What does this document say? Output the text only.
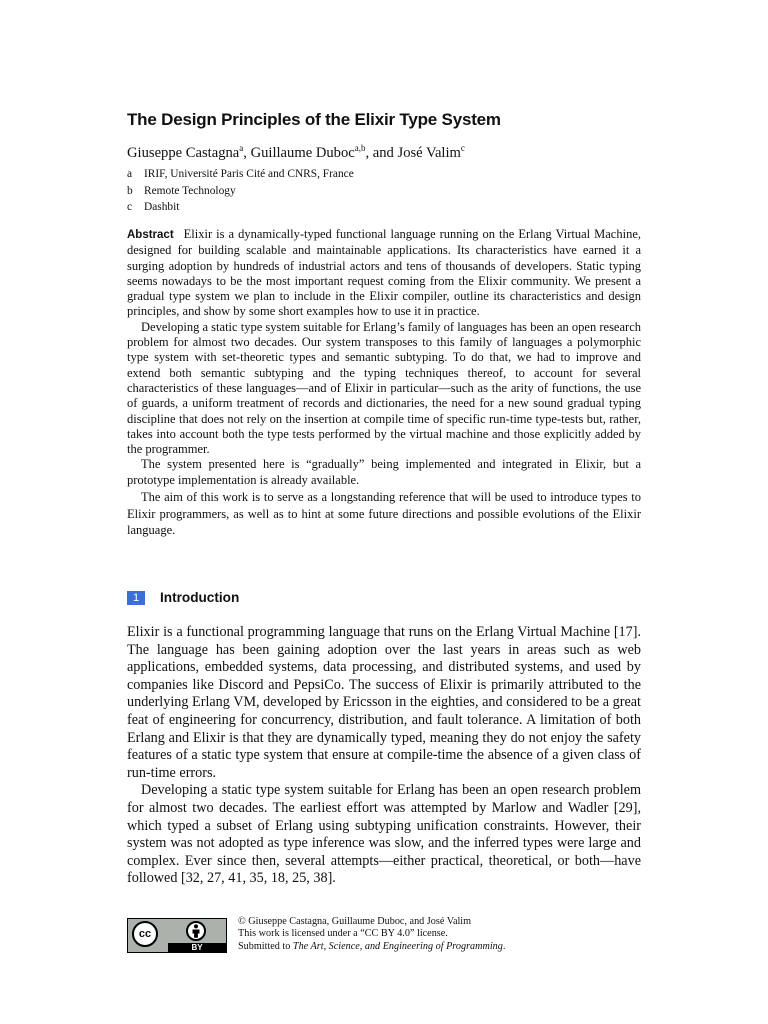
The Design Principles of the Elixir Type System
Giuseppe Castagna$^a$, Guillaume Duboc$^{a,b}$, and José Valim$^c$
a	IRIF, Université Paris Cité and CNRS, France
b Remote Technology
c	Dashbit

Abstract Elixir is a dynamically-typed functional language running on the Erlang Virtual Machine, designed for building scalable and maintainable applications. Its characteristics have earned it a surging adoption by hundreds of industrial actors and tens of thousands of developers. Static typing seems nowadays to be the most important request coming from the Elixir community. We present a gradual type system we plan to include in the Elixir compiler, outline its characteristics and design principles, and show by some short examples how to use it in practice.

Developing a static type system suitable for Erlang’s family of languages has been an open research problem for almost two decades. Our system transposes to this family of languages a polymorphic type system with set-theoretic types and semantic subtyping. To do that, we had to improve and extend both semantic subtyping and the typing techniques thereof, to account for several characteristics of these languages—and of Elixir in particular—such as the arity of functions, the use of guards, a uniform treatment of records and dictionaries, the need for a new sound gradual typing discipline that does not rely on the insertion at compile time of specific run-time type-tests but, rather, takes into account both the type tests performed by the virtual machine and those explicitly added by the programmer.

The system presented here is “gradually” being implemented and integrated in Elixir, but a prototype implementation is already available.

The aim of this work is to serve as a longstanding reference that will be used to introduce types to Elixir programmers, as well as to hint at some future directions and possible evolutions of the Elixir language.

1	Introduction

Elixir is a functional programming language that runs on the Erlang Virtual Machine [17]. The language has been gaining adoption over the last years in areas such as web applications, embedded systems, data processing, and distributed systems, and used by companies like Discord and PepsiCo. The success of Elixir is primarily attributed to the underlying Erlang VM, developed by Ericsson in the eighties, and considered to be a great feat of engineering for concurrency, distribution, and fault tolerance. A limitation of both Erlang and Elixir is that they are dynamically typed, meaning they do not enjoy the safety features of a static type system that ensure at compile-time the absence of a given class of run-time errors.

Developing a static type system suitable for Erlang has been an open research problem for almost two decades. The earliest effort was attempted by Marlow and Wadler [29], which typed a subset of Erlang using subtyping unification constraints. However, their system was not adopted as type inference was slow, and the inferred types were large and complex. Ever since then, several attempts—either practical, theoretical, or both—have followed [32, 27, 41, 35, 18, 25, 38].

cc
BY
© Giuseppe Castagna, Guillaume Duboc, and José Valim
This work is licensed under a “CC BY 4.0” license.
Submitted to The Art, Science, and Engineering of Programming.
